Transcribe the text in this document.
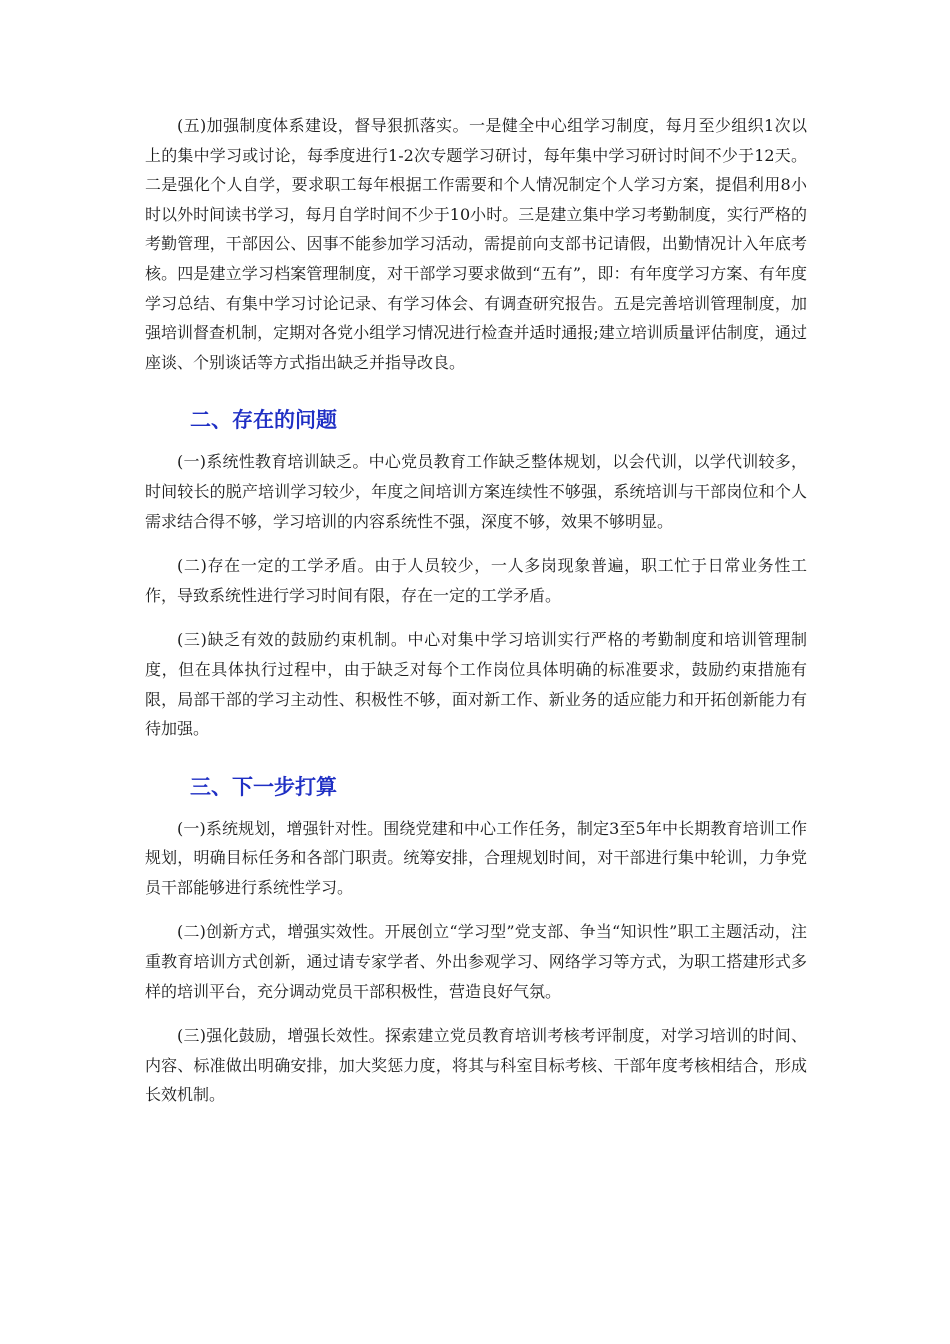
(五)加强制度体系建设，督导狠抓落实。一是健全中心组学习制度，每月至少组织1次以上的集中学习或讨论，每季度进行1-2次专题学习研讨，每年集中学习研讨时间不少于12天。二是强化个人自学，要求职工每年根据工作需要和个人情况制定个人学习方案，提倡利用8小时以外时间读书学习，每月自学时间不少于10小时。三是建立集中学习考勤制度，实行严格的考勤管理，干部因公、因事不能参加学习活动，需提前向支部书记请假，出勤情况计入年底考核。四是建立学习档案管理制度，对干部学习要求做到“五有”，即：有年度学习方案、有年度学习总结、有集中学习讨论记录、有学习体会、有调查研究报告。五是完善培训管理制度，加强培训督查机制，定期对各党小组学习情况进行检查并适时通报;建立培训质量评估制度，通过座谈、个别谈话等方式指出缺乏并指导改良。

二、存在的问题

(一)系统性教育培训缺乏。中心党员教育工作缺乏整体规划，以会代训，以学代训较多，时间较长的脱产培训学习较少，年度之间培训方案连续性不够强，系统培训与干部岗位和个人需求结合得不够，学习培训的内容系统性不强，深度不够，效果不够明显。

(二)存在一定的工学矛盾。由于人员较少，一人多岗现象普遍，职工忙于日常业务性工作，导致系统性进行学习时间有限，存在一定的工学矛盾。

(三)缺乏有效的鼓励约束机制。中心对集中学习培训实行严格的考勤制度和培训管理制度，但在具体执行过程中，由于缺乏对每个工作岗位具体明确的标准要求，鼓励约束措施有限，局部干部的学习主动性、积极性不够，面对新工作、新业务的适应能力和开拓创新能力有待加强。

三、下一步打算

(一)系统规划，增强针对性。围绕党建和中心工作任务，制定3至5年中长期教育培训工作规划，明确目标任务和各部门职责。统筹安排，合理规划时间，对干部进行集中轮训，力争党员干部能够进行系统性学习。

(二)创新方式，增强实效性。开展创立“学习型”党支部、争当“知识性”职工主题活动，注重教育培训方式创新，通过请专家学者、外出参观学习、网络学习等方式，为职工搭建形式多样的培训平台，充分调动党员干部积极性，营造良好气氛。

(三)强化鼓励，增强长效性。探索建立党员教育培训考核考评制度，对学习培训的时间、内容、标准做出明确安排，加大奖惩力度，将其与科室目标考核、干部年度考核相结合，形成长效机制。
